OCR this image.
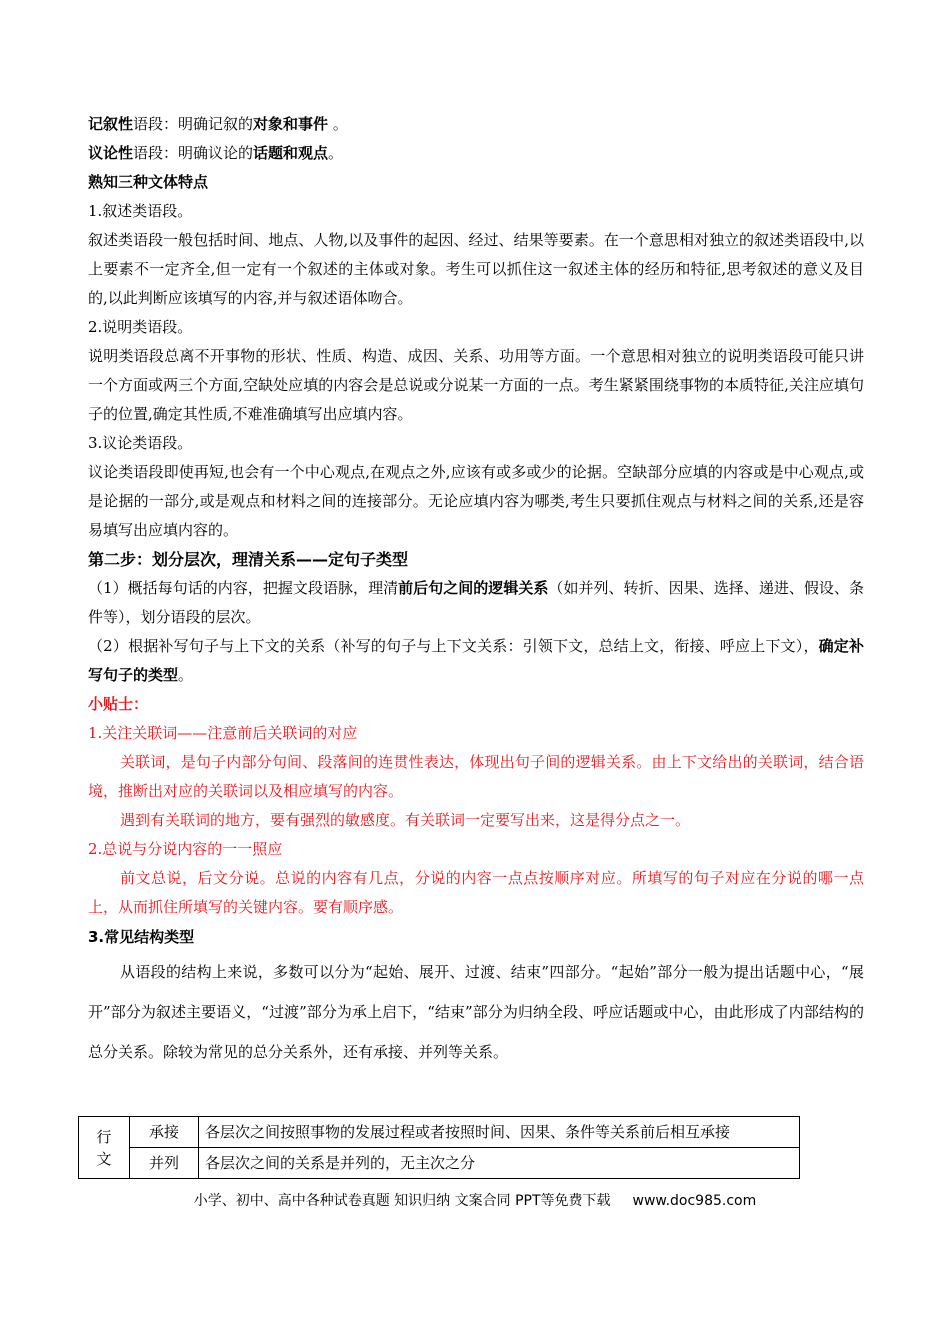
记叙性语段：明确记叙的对象和事件 。

议论性语段：明确议论的话题和观点。

熟知三种文体特点

1.叙述类语段。

叙述类语段一般包括时间、地点、人物,以及事件的起因、经过、结果等要素。在一个意思相对独立的叙述类语段中,以上要素不一定齐全,但一定有一个叙述的主体或对象。考生可以抓住这一叙述主体的经历和特征,思考叙述的意义及目的,以此判断应该填写的内容,并与叙述语体吻合。

2.说明类语段。

说明类语段总离不开事物的形状、性质、构造、成因、关系、功用等方面。一个意思相对独立的说明类语段可能只讲一个方面或两三个方面,空缺处应填的内容会是总说或分说某一方面的一点。考生紧紧围绕事物的本质特征,关注应填句子的位置,确定其性质,不难准确填写出应填内容。

3.议论类语段。

议论类语段即使再短,也会有一个中心观点,在观点之外,应该有或多或少的论据。空缺部分应填的内容或是中心观点,或是论据的一部分,或是观点和材料之间的连接部分。无论应填内容为哪类,考生只要抓住观点与材料之间的关系,还是容易填写出应填内容的。

第二步：划分层次，理清关系——定句子类型

（1）概括每句话的内容，把握文段语脉，理清前后句之间的逻辑关系（如并列、转折、因果、选择、递进、假设、条件等），划分语段的层次。

（2）根据补写句子与上下文的关系（补写的句子与上下文关系：引领下文，总结上文，衔接、呼应上下文），确定补写句子的类型。

小贴士：

1.关注关联词——注意前后关联词的对应

关联词，是句子内部分句间、段落间的连贯性表达，体现出句子间的逻辑关系。由上下文给出的关联词，结合语境，推断出对应的关联词以及相应填写的内容。

遇到有关联词的地方，要有强烈的敏感度。有关联词一定要写出来，这是得分点之一。

2.总说与分说内容的一一照应

前文总说，后文分说。总说的内容有几点，分说的内容一点点按顺序对应。所填写的句子对应在分说的哪一点上，从而抓住所填写的关键内容。要有顺序感。

3.常见结构类型

从语段的结构上来说，多数可以分为“起始、展开、过渡、结束”四部分。“起始”部分一般为提出话题中心，“展开”部分为叙述主要语义，“过渡”部分为承上启下，“结束”部分为归纳全段、呼应话题或中心，由此形成了内部结构的总分关系。除较为常见的总分关系外，还有承接、并列等关系。

行
文	承接	各层次之间按照事物的发展过程或者按照时间、因果、条件等关系前后相互承接
	并列	各层次之间的关系是并列的，无主次之分
小学、初中、高中各种试卷真题 知识归纳 文案合同 PPT等免费下载 www.doc985.com
